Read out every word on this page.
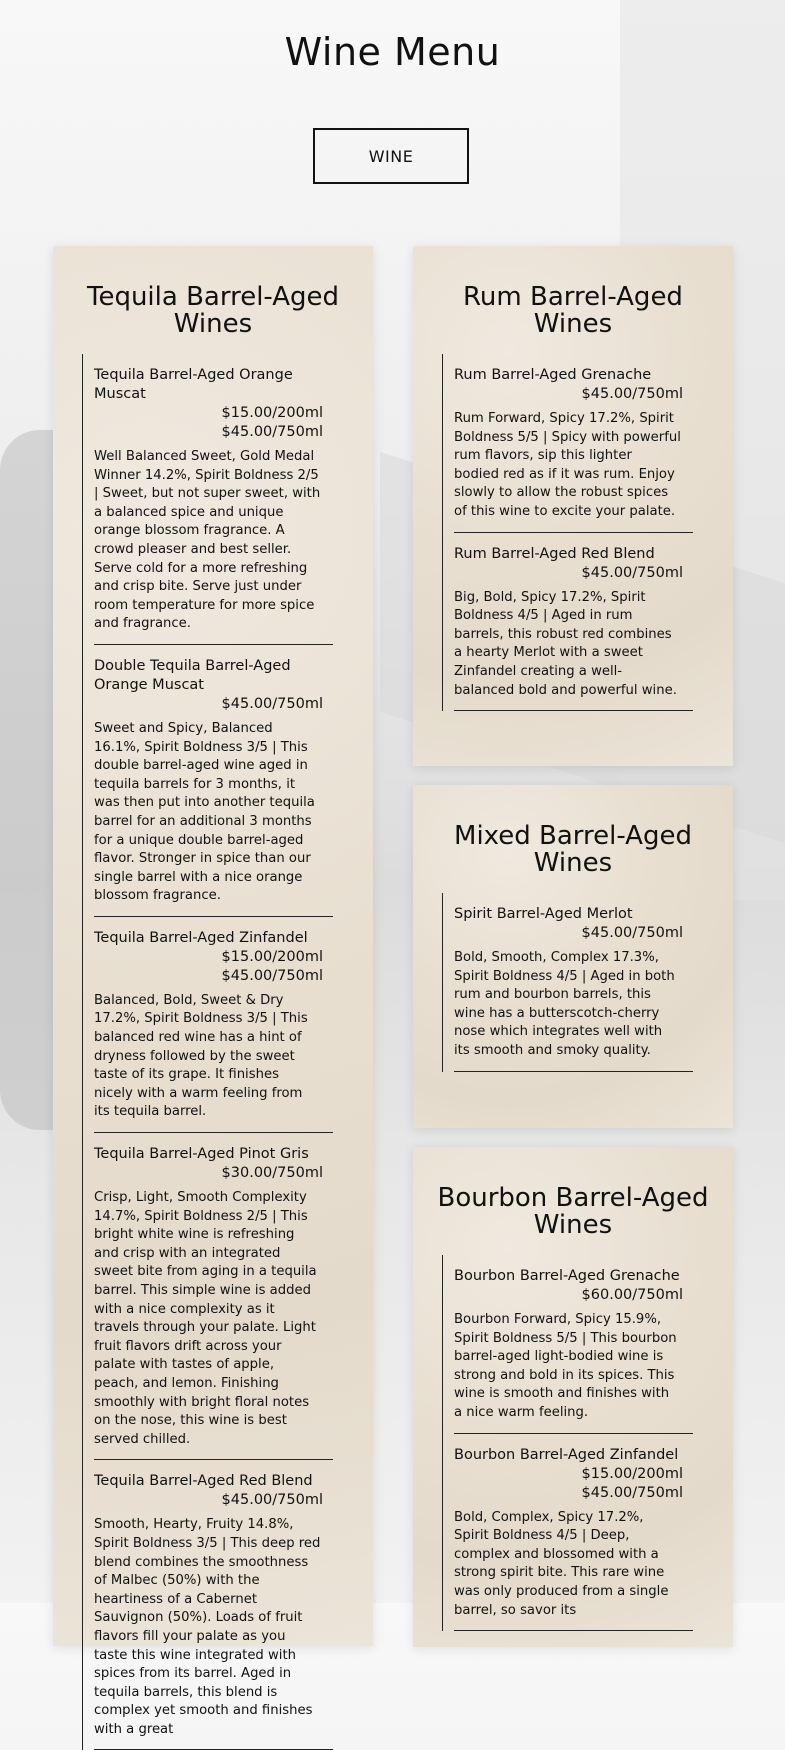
Wine Menu
WINE
Tequila Barrel-Aged Wines
Tequila Barrel-Aged Orange Muscat
$15.00/200ml
$45.00/750ml
Well Balanced Sweet, Gold Medal Winner 14.2%, Spirit Boldness 2/5 | Sweet, but not super sweet, with a balanced spice and unique orange blossom fragrance. A crowd pleaser and best seller. Serve cold for a more refreshing and crisp bite. Serve just under room temperature for more spice and fragrance.
Double Tequila Barrel-Aged Orange Muscat
$45.00/750ml
Sweet and Spicy, Balanced 16.1%, Spirit Boldness 3/5 | This double barrel-aged wine aged in tequila barrels for 3 months, it was then put into another tequila barrel for an additional 3 months for a unique double barrel-aged flavor. Stronger in spice than our single barrel with a nice orange blossom fragrance.
Tequila Barrel-Aged Zinfandel
$15.00/200ml
$45.00/750ml
Balanced, Bold, Sweet & Dry 17.2%, Spirit Boldness 3/5 | This balanced red wine has a hint of dryness followed by the sweet taste of its grape. It finishes nicely with a warm feeling from its tequila barrel.
Tequila Barrel-Aged Pinot Gris
$30.00/750ml
Crisp, Light, Smooth Complexity 14.7%, Spirit Boldness 2/5 | This bright white wine is refreshing and crisp with an integrated sweet bite from aging in a tequila barrel. This simple wine is added with a nice complexity as it travels through your palate. Light fruit flavors drift across your palate with tastes of apple, peach, and lemon. Finishing smoothly with bright floral notes on the nose, this wine is best served chilled.
Tequila Barrel-Aged Red Blend
$45.00/750ml
Smooth, Hearty, Fruity 14.8%, Spirit Boldness 3/5 | This deep red blend combines the smoothness of Malbec (50%) with the heartiness of a Cabernet Sauvignon (50%). Loads of fruit flavors fill your palate as you taste this wine integrated with spices from its barrel. Aged in tequila barrels, this blend is complex yet smooth and finishes with a great
Rum Barrel-Aged Wines
Rum Barrel-Aged Grenache
$45.00/750ml
Rum Forward, Spicy 17.2%, Spirit Boldness 5/5 | Spicy with powerful rum flavors, sip this lighter bodied red as if it was rum. Enjoy slowly to allow the robust spices of this wine to excite your palate.
Rum Barrel-Aged Red Blend
$45.00/750ml
Big, Bold, Spicy 17.2%, Spirit Boldness 4/5 | Aged in rum barrels, this robust red combines a hearty Merlot with a sweet Zinfandel creating a well-balanced bold and powerful wine.
Mixed Barrel-Aged Wines
Spirit Barrel-Aged Merlot
$45.00/750ml
Bold, Smooth, Complex 17.3%, Spirit Boldness 4/5 | Aged in both rum and bourbon barrels, this wine has a butterscotch-cherry nose which integrates well with its smooth and smoky quality.
Bourbon Barrel-Aged Wines
Bourbon Barrel-Aged Grenache
$60.00/750ml
Bourbon Forward, Spicy 15.9%, Spirit Boldness 5/5 | This bourbon barrel-aged light-bodied wine is strong and bold in its spices. This wine is smooth and finishes with a nice warm feeling.
Bourbon Barrel-Aged Zinfandel
$15.00/200ml
$45.00/750ml
Bold, Complex, Spicy 17.2%, Spirit Boldness 4/5 | Deep, complex and blossomed with a strong spirit bite. This rare wine was only produced from a single barrel, so savor its
